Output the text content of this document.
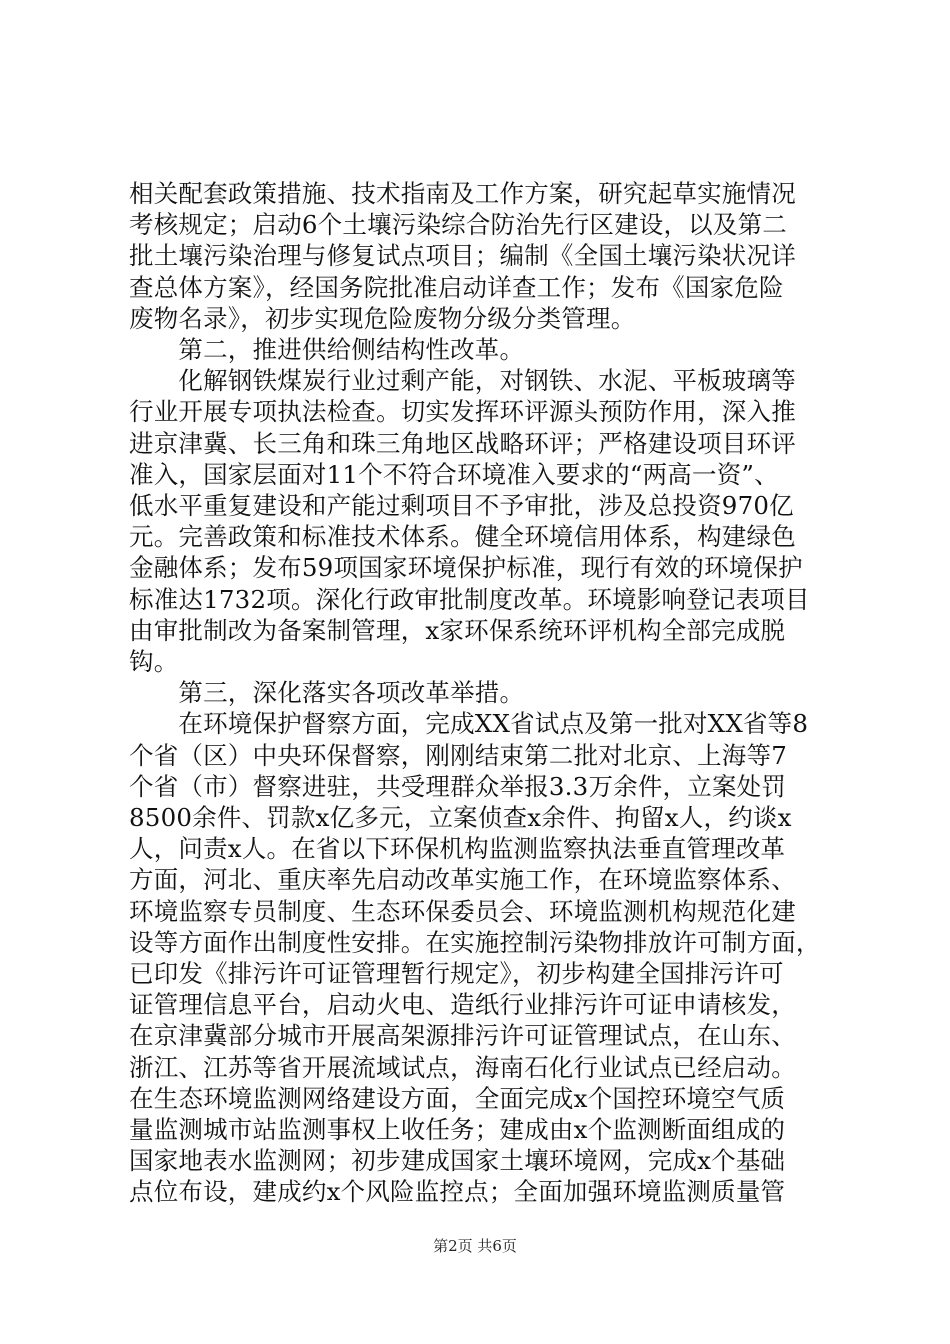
相关配套政策措施、技术指南及工作方案，研究起草实施情况
考核规定；启动6个土壤污染综合防治先行区建设，以及第二
批土壤污染治理与修复试点项目；编制《全国土壤污染状况详
查总体方案》，经国务院批准启动详查工作；发布《国家危险
废物名录》，初步实现危险废物分级分类管理。
　　第二，推进供给侧结构性改革。
　　化解钢铁煤炭行业过剩产能，对钢铁、水泥、平板玻璃等
行业开展专项执法检查。切实发挥环评源头预防作用，深入推
进京津冀、长三角和珠三角地区战略环评；严格建设项目环评
准入，国家层面对11个不符合环境准入要求的“两高一资”、
低水平重复建设和产能过剩项目不予审批，涉及总投资970亿
元。完善政策和标准技术体系。健全环境信用体系，构建绿色
金融体系；发布59项国家环境保护标准，现行有效的环境保护
标准达1732项。深化行政审批制度改革。环境影响登记表项目
由审批制改为备案制管理，x家环保系统环评机构全部完成脱
钩。
　　第三，深化落实各项改革举措。
　　在环境保护督察方面，完成XX省试点及第一批对XX省等8
个省（区）中央环保督察，刚刚结束第二批对北京、上海等7
个省（市）督察进驻，共受理群众举报3.3万余件，立案处罚
8500余件、罚款x亿多元，立案侦查x余件、拘留x人，约谈x
人，问责x人。在省以下环保机构监测监察执法垂直管理改革
方面，河北、重庆率先启动改革实施工作，在环境监察体系、
环境监察专员制度、生态环保委员会、环境监测机构规范化建
设等方面作出制度性安排。在实施控制污染物排放许可制方面，
已印发《排污许可证管理暂行规定》，初步构建全国排污许可
证管理信息平台，启动火电、造纸行业排污许可证申请核发，
在京津冀部分城市开展高架源排污许可证管理试点，在山东、
浙江、江苏等省开展流域试点，海南石化行业试点已经启动。
在生态环境监测网络建设方面，全面完成x个国控环境空气质
量监测城市站监测事权上收任务；建成由x个监测断面组成的
国家地表水监测网；初步建成国家土壤环境网，完成x个基础
点位布设，建成约x个风险监控点；全面加强环境监测质量管
第2页 共6页
